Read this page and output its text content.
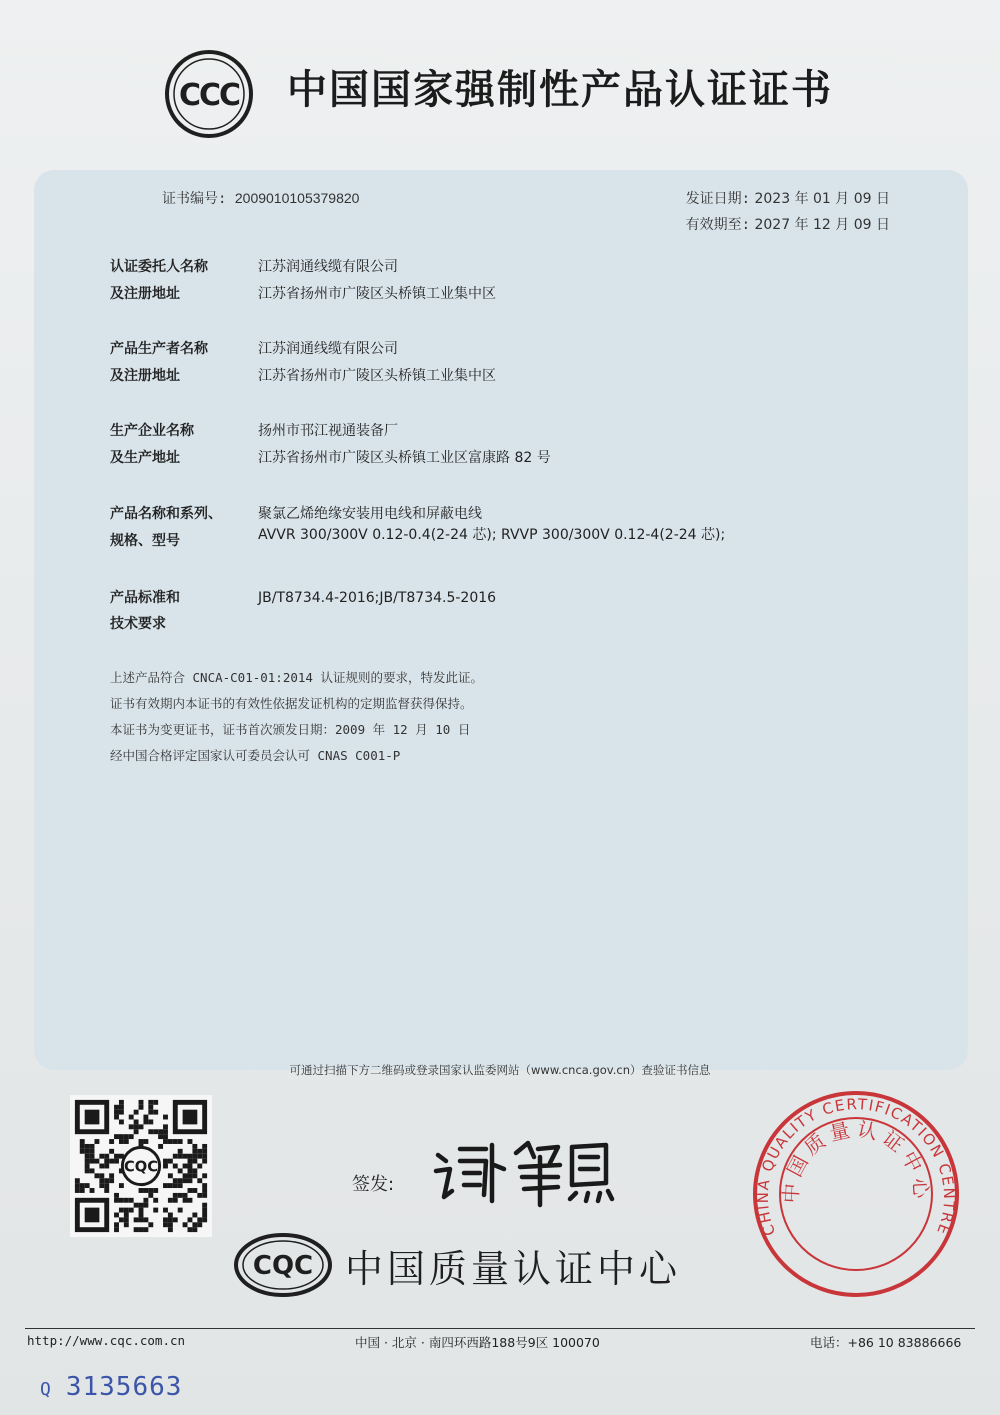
CCC 中国国家强制性产品认证证书
证书编号: 2009010105379820	发证日期: 2023 年 01 月 09 日
有效期至: 2027 年 12 月 09 日
认证委托人名称	江苏润通线缆有限公司
及注册地址	江苏省扬州市广陵区头桥镇工业集中区
产品生产者名称	江苏润通线缆有限公司
及注册地址	江苏省扬州市广陵区头桥镇工业集中区
生产企业名称	扬州市邗江视通装备厂
及生产地址	江苏省扬州市广陵区头桥镇工业区富康路 82 号
产品名称和系列、	聚氯乙烯绝缘安装用电线和屏蔽电线
规格、型号	AVVR 300/300V 0.12-0.4(2-24 芯); RVVP 300/300V 0.12-4(2-24 芯);
产品标准和	JB/T8734.4-2016;JB/T8734.5-2016
技术要求
上述产品符合 CNCA-C01-01:2014 认证规则的要求，特发此证。
证书有效期内本证书的有效性依据发证机构的定期监督获得保持。
本证书为变更证书，证书首次颁发日期：2009 年 12 月 10 日
经中国合格评定国家认可委员会认可 CNAS C001-P
可通过扫描下方二维码或登录国家认监委网站（www.cnca.gov.cn）查验证书信息
CQC
签发:
CQC 中国质量认证中心
CHINA QUALITY CERTIFICATION CENTRE
中国质量认证中心
http://www.cqc.com.cn	中国 · 北京 · 南四环西路188号9区 100070	电话：+86 10 83886666
Q 3135663
